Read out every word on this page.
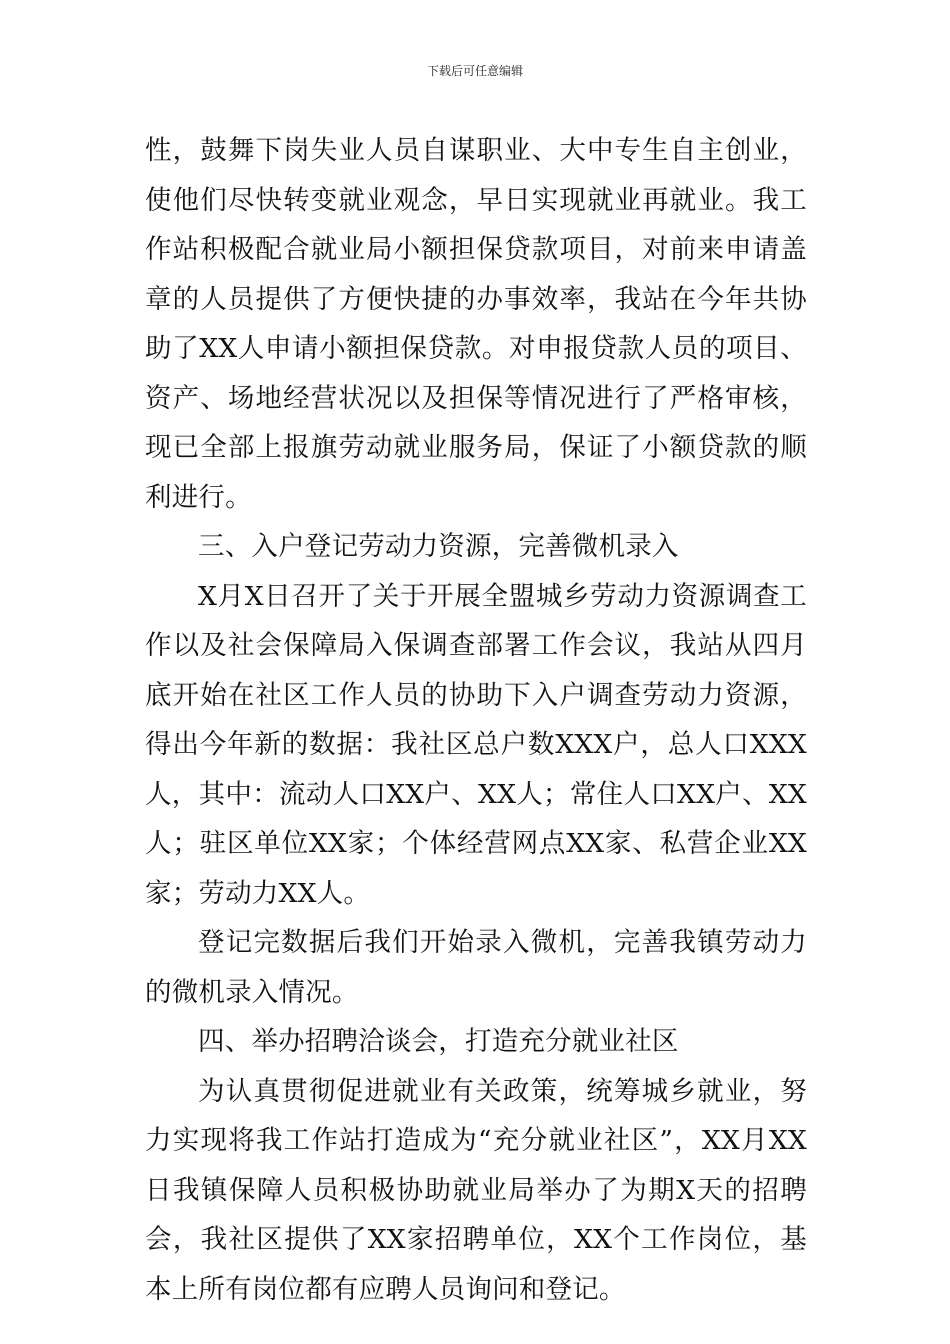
下载后可任意编辑

性，鼓舞下岗失业人员自谋职业、大中专生自主创业，使他们尽快转变就业观念，早日实现就业再就业。我工作站积极配合就业局小额担保贷款项目，对前来申请盖章的人员提供了方便快捷的办事效率，我站在今年共协助了XX人申请小额担保贷款。对申报贷款人员的项目、资产、场地经营状况以及担保等情况进行了严格审核，现已全部上报旗劳动就业服务局，保证了小额贷款的顺利进行。

三、入户登记劳动力资源，完善微机录入

X月X日召开了关于开展全盟城乡劳动力资源调查工作以及社会保障局入保调查部署工作会议，我站从四月底开始在社区工作人员的协助下入户调查劳动力资源，得出今年新的数据：我社区总户数XXX户，总人口XXX人，其中：流动人口XX户、XX人；常住人口XX户、XX人；驻区单位XX家；个体经营网点XX家、私营企业XX家；劳动力XX人。

登记完数据后我们开始录入微机，完善我镇劳动力的微机录入情况。

四、举办招聘洽谈会，打造充分就业社区

为认真贯彻促进就业有关政策，统筹城乡就业，努力实现将我工作站打造成为“充分就业社区”，XX月XX日我镇保障人员积极协助就业局举办了为期X天的招聘会，我社区提供了XX家招聘单位，XX个工作岗位，基本上所有岗位都有应聘人员询问和登记。
